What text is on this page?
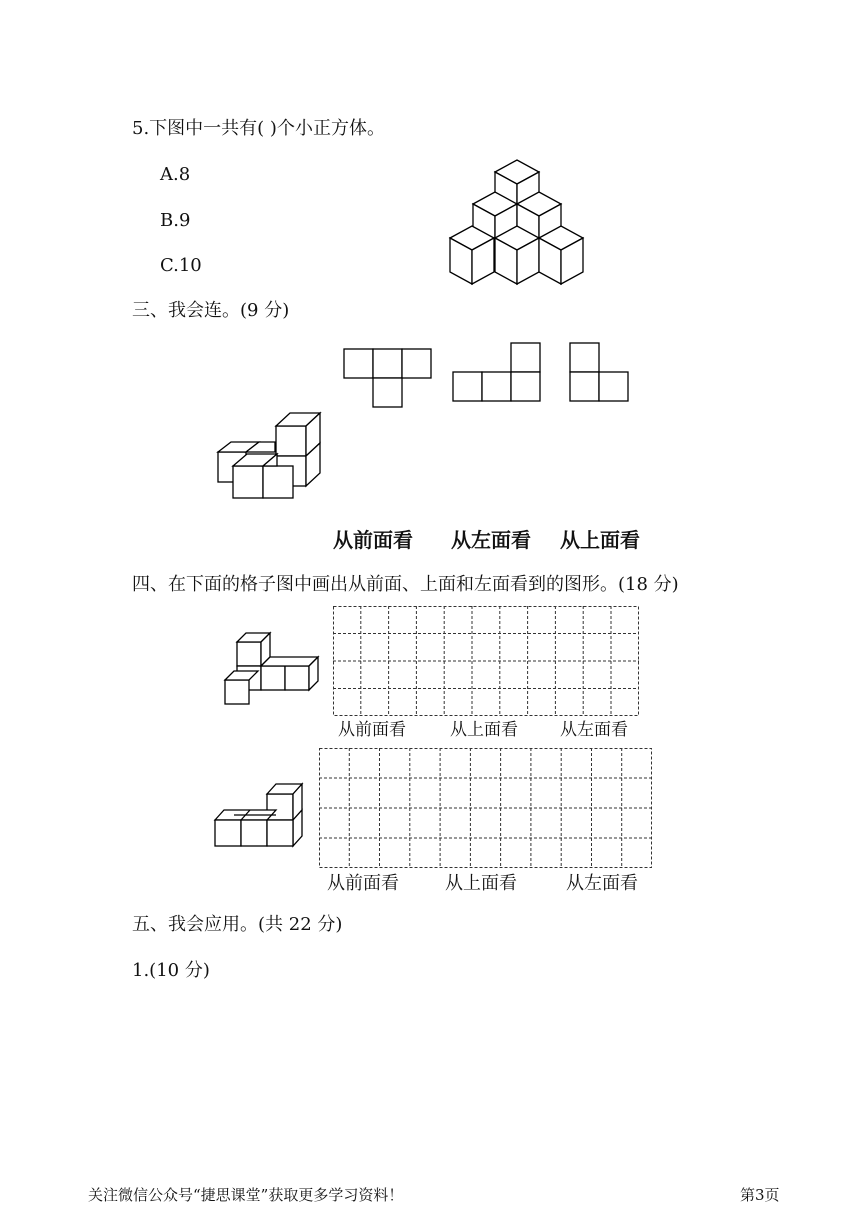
5.下图中一共有( )个小正方体。
A.8
B.9
C.10
三、我会连。(9 分)
从前面看 从左面看 从上面看
四、在下面的格子图中画出从前面、上面和左面看到的图形。(18 分)
从前面看	从上面看 从左面看
从前面看	从上面看	从左面看
五、我会应用。(共 22 分)
1.(10 分)
关注微信公众号“捷思课堂”获取更多学习资料！	第3页
